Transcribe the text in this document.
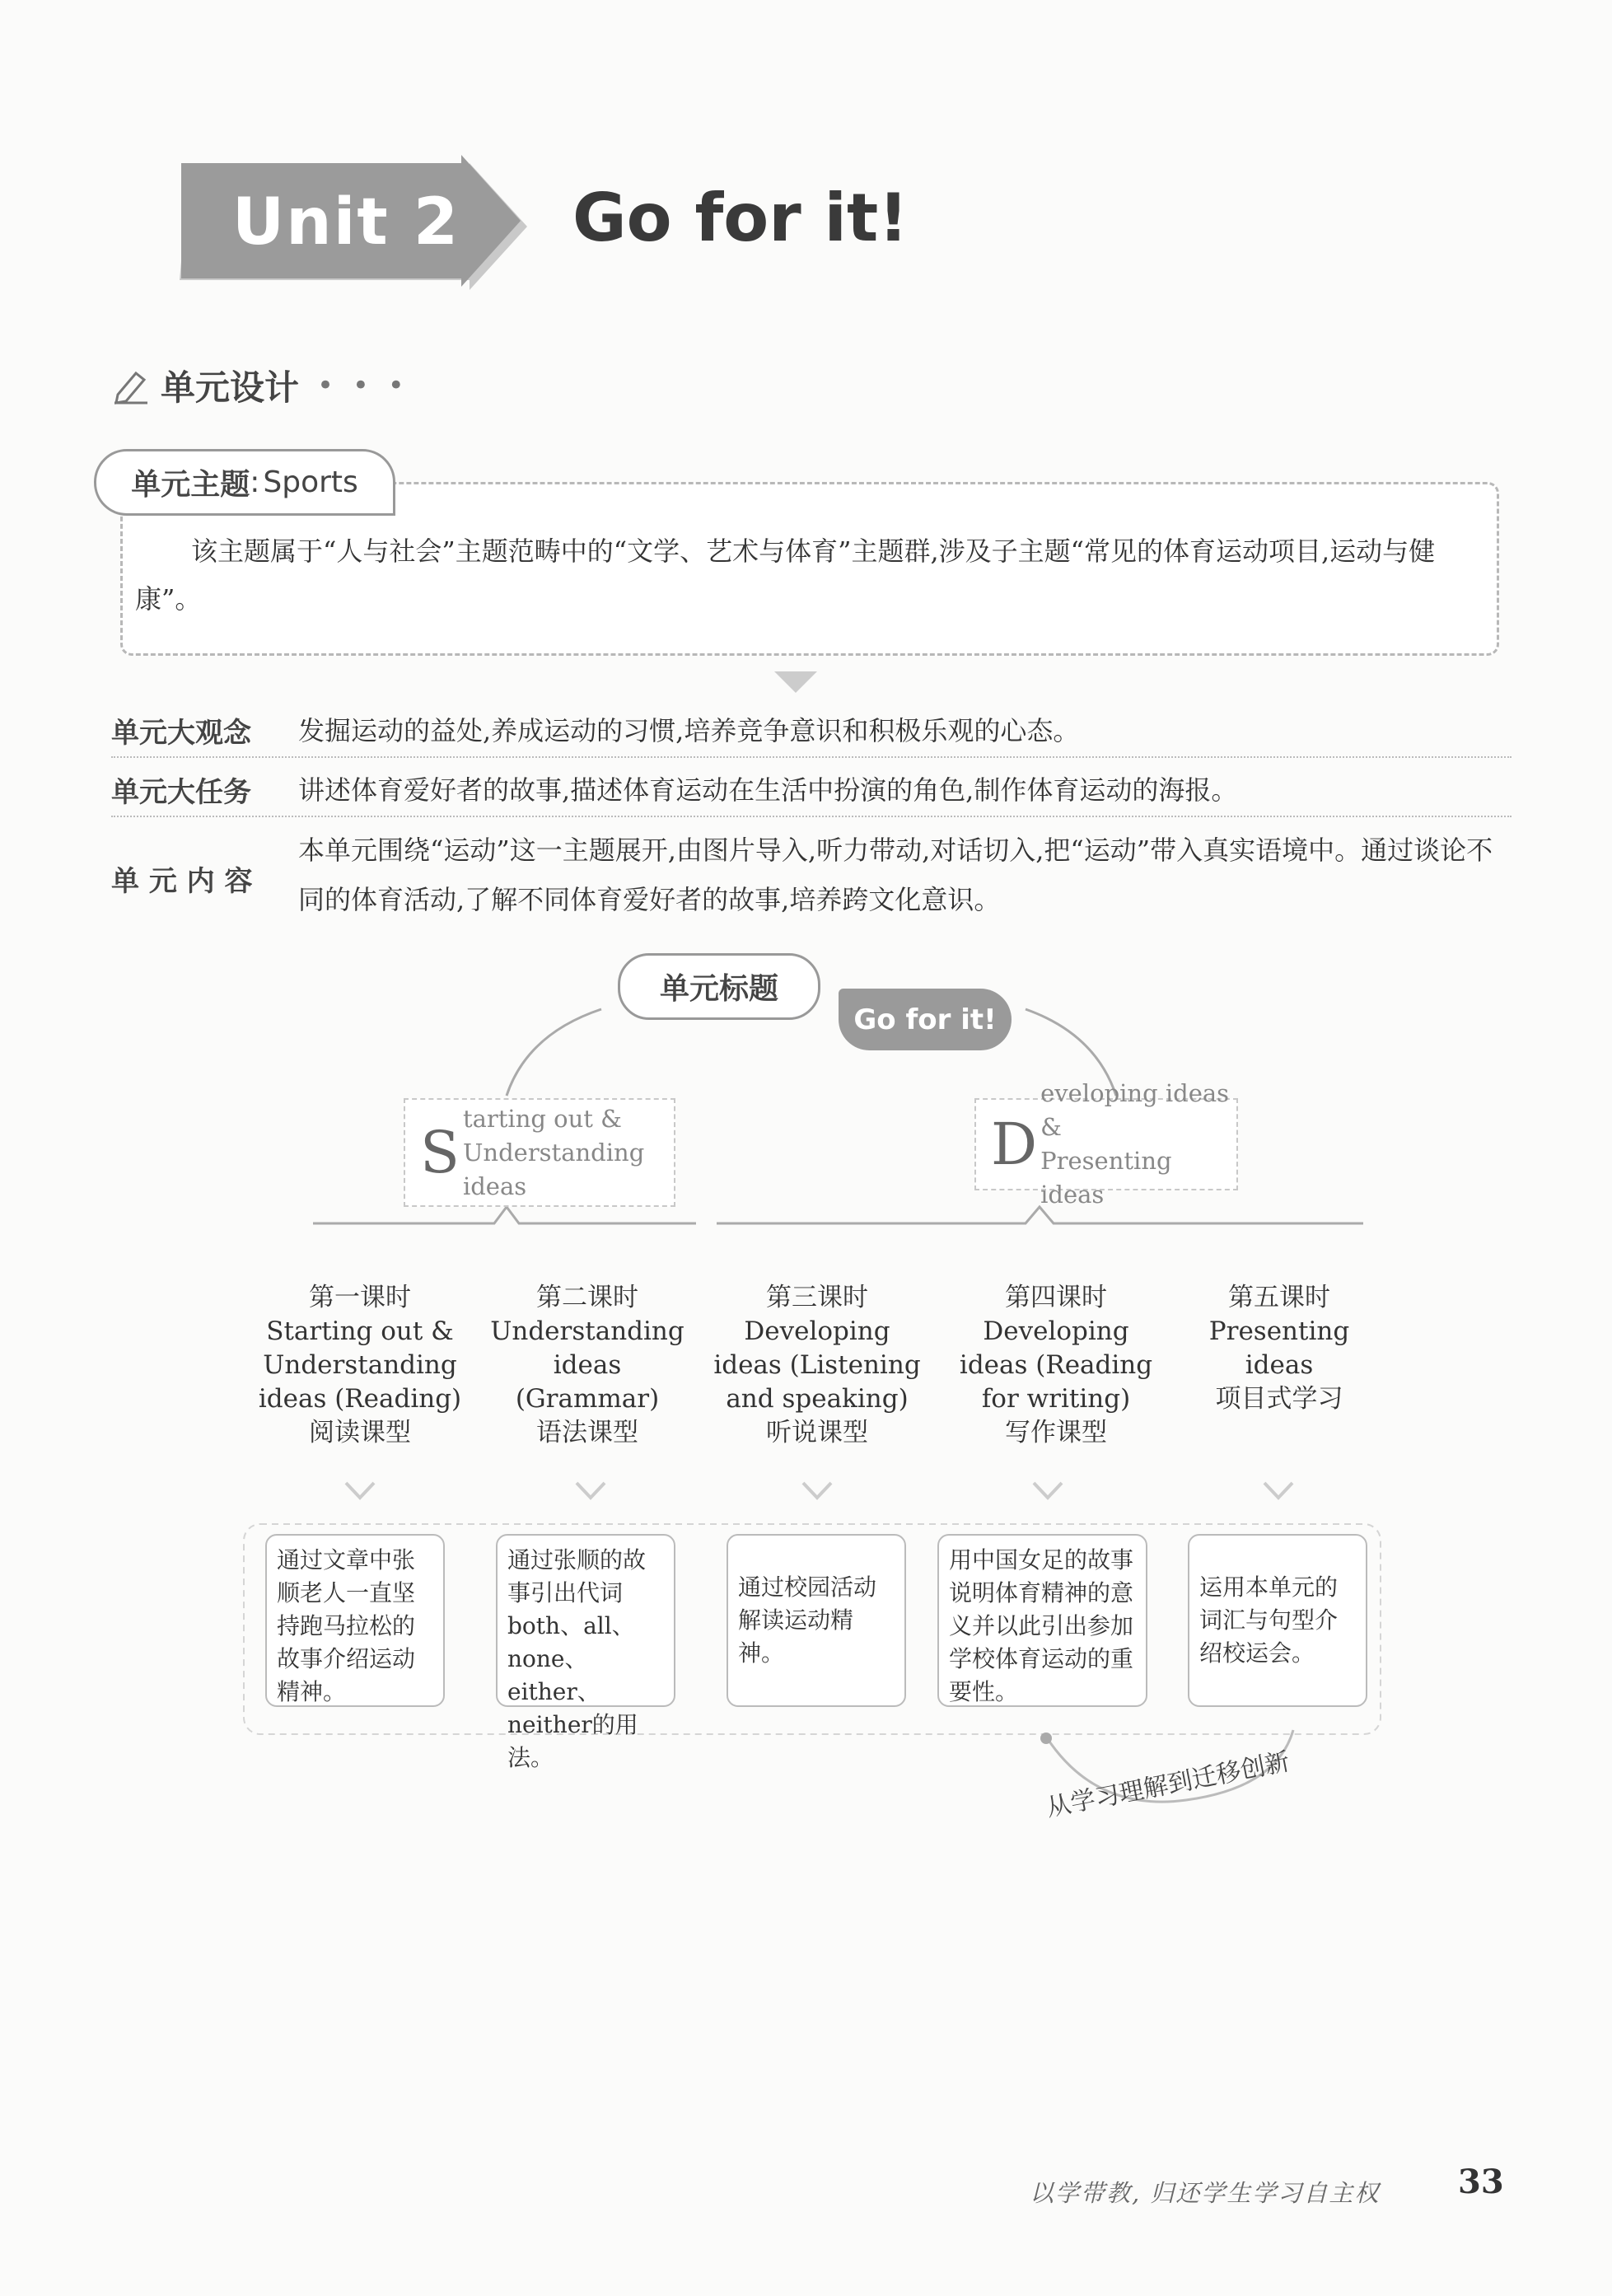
Unit 2	Go for it!
单元设计 • • •
单元主题 : Sports
该主题属于“人与社会”主题范畴中的“文学、艺术与体育”主题群,涉及子主题“常见的体育运动项目,运动与健康”。
单元大观念 发掘运动的益处,养成运动的习惯,培养竞争意识和积极乐观的心态。
单元大任务 讲述体育爱好者的故事,描述体育运动在生活中扮演的角色,制作体育运动的海报。
单 元 内 容
本单元围绕“运动”这一主题展开,由图片导入,听力带动,对话切入,把“运动”带入真实语境中。通过谈论不同的体育活动,了解不同体育爱好者的故事,培养跨文化意识。
单元标题
Go for it!
S
tarting out &
Understanding ideas
D
eveloping ideas &
Presenting ideas
第一课时
Starting out &
Understanding
ideas (Reading)
阅读课型
第二课时
Understanding
ideas (Grammar)
语法课型
第三课时
Developing
ideas (Listening
and speaking)
听说课型
第四课时
Developing
ideas (Reading
for writing)
写作课型
第五课时
Presenting
ideas
项目式学习
通过文章中张顺老人一直坚持跑马拉松的故事介绍运动精神。
通过张顺的故事引出代词both、all、none、either、neither的用法。
通过校园活动解读运动精神。
用中国女足的故事说明体育精神的意义并以此引出参加学校体育运动的重要性。
运用本单元的词汇与句型介绍校运会。
从学习理解到迁移创新
以学带教, 归还学生学习自主权 33
